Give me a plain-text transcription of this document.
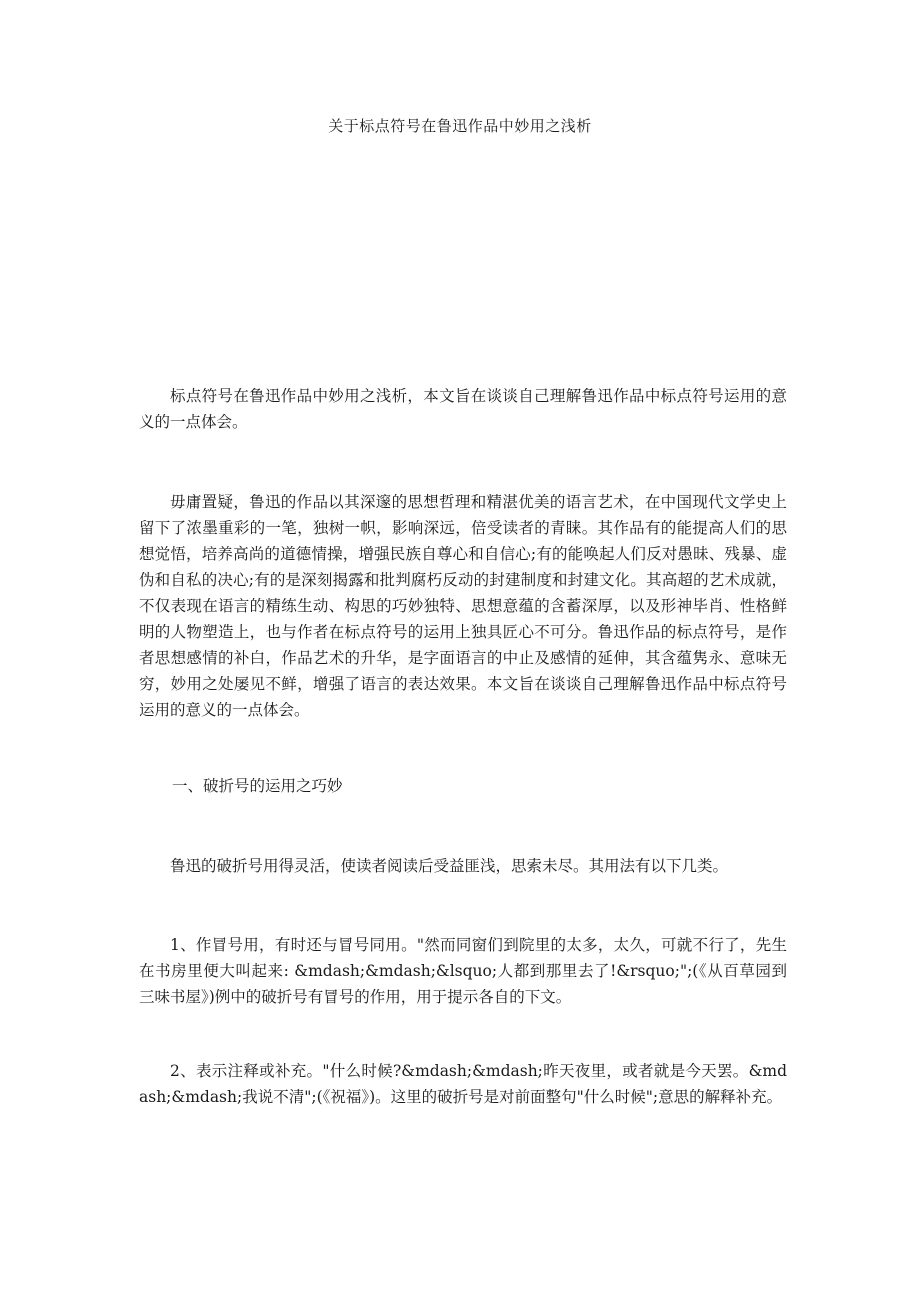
关于标点符号在鲁迅作品中妙用之浅析

标点符号在鲁迅作品中妙用之浅析，本文旨在谈谈自己理解鲁迅作品中标点符号运用的意义的一点体会。

毋庸置疑，鲁迅的作品以其深邃的思想哲理和精湛优美的语言艺术，在中国现代文学史上留下了浓墨重彩的一笔，独树一帜，影响深远，倍受读者的青睐。其作品有的能提高人们的思想觉悟，培养高尚的道德情操，增强民族自尊心和自信心;有的能唤起人们反对愚昧、残暴、虚伪和自私的决心;有的是深刻揭露和批判腐朽反动的封建制度和封建文化。其高超的艺术成就，不仅表现在语言的精练生动、构思的巧妙独特、思想意蕴的含蓄深厚，以及形神毕肖、性格鲜明的人物塑造上，也与作者在标点符号的运用上独具匠心不可分。鲁迅作品的标点符号，是作者思想感情的补白，作品艺术的升华，是字面语言的中止及感情的延伸，其含蕴隽永、意味无穷，妙用之处屡见不鲜，增强了语言的表达效果。本文旨在谈谈自己理解鲁迅作品中标点符号运用的意义的一点体会。

一、破折号的运用之巧妙

鲁迅的破折号用得灵活，使读者阅读后受益匪浅，思索未尽。其用法有以下几类。

1、作冒号用，有时还与冒号同用。"然而同窗们到院里的太多，太久，可就不行了，先生在书房里便大叫起来: &mdash;&mdash;&lsquo;人都到那里去了!&rsquo;";(《从百草园到三味书屋》)例中的破折号有冒号的作用，用于提示各自的下文。

2、表示注释或补充。"什么时候?&mdash;&mdash;昨天夜里，或者就是今天罢。&mdash;&mdash;我说不清";(《祝福》)。这里的破折号是对前面整句"什么时候";意思的解释补充。
